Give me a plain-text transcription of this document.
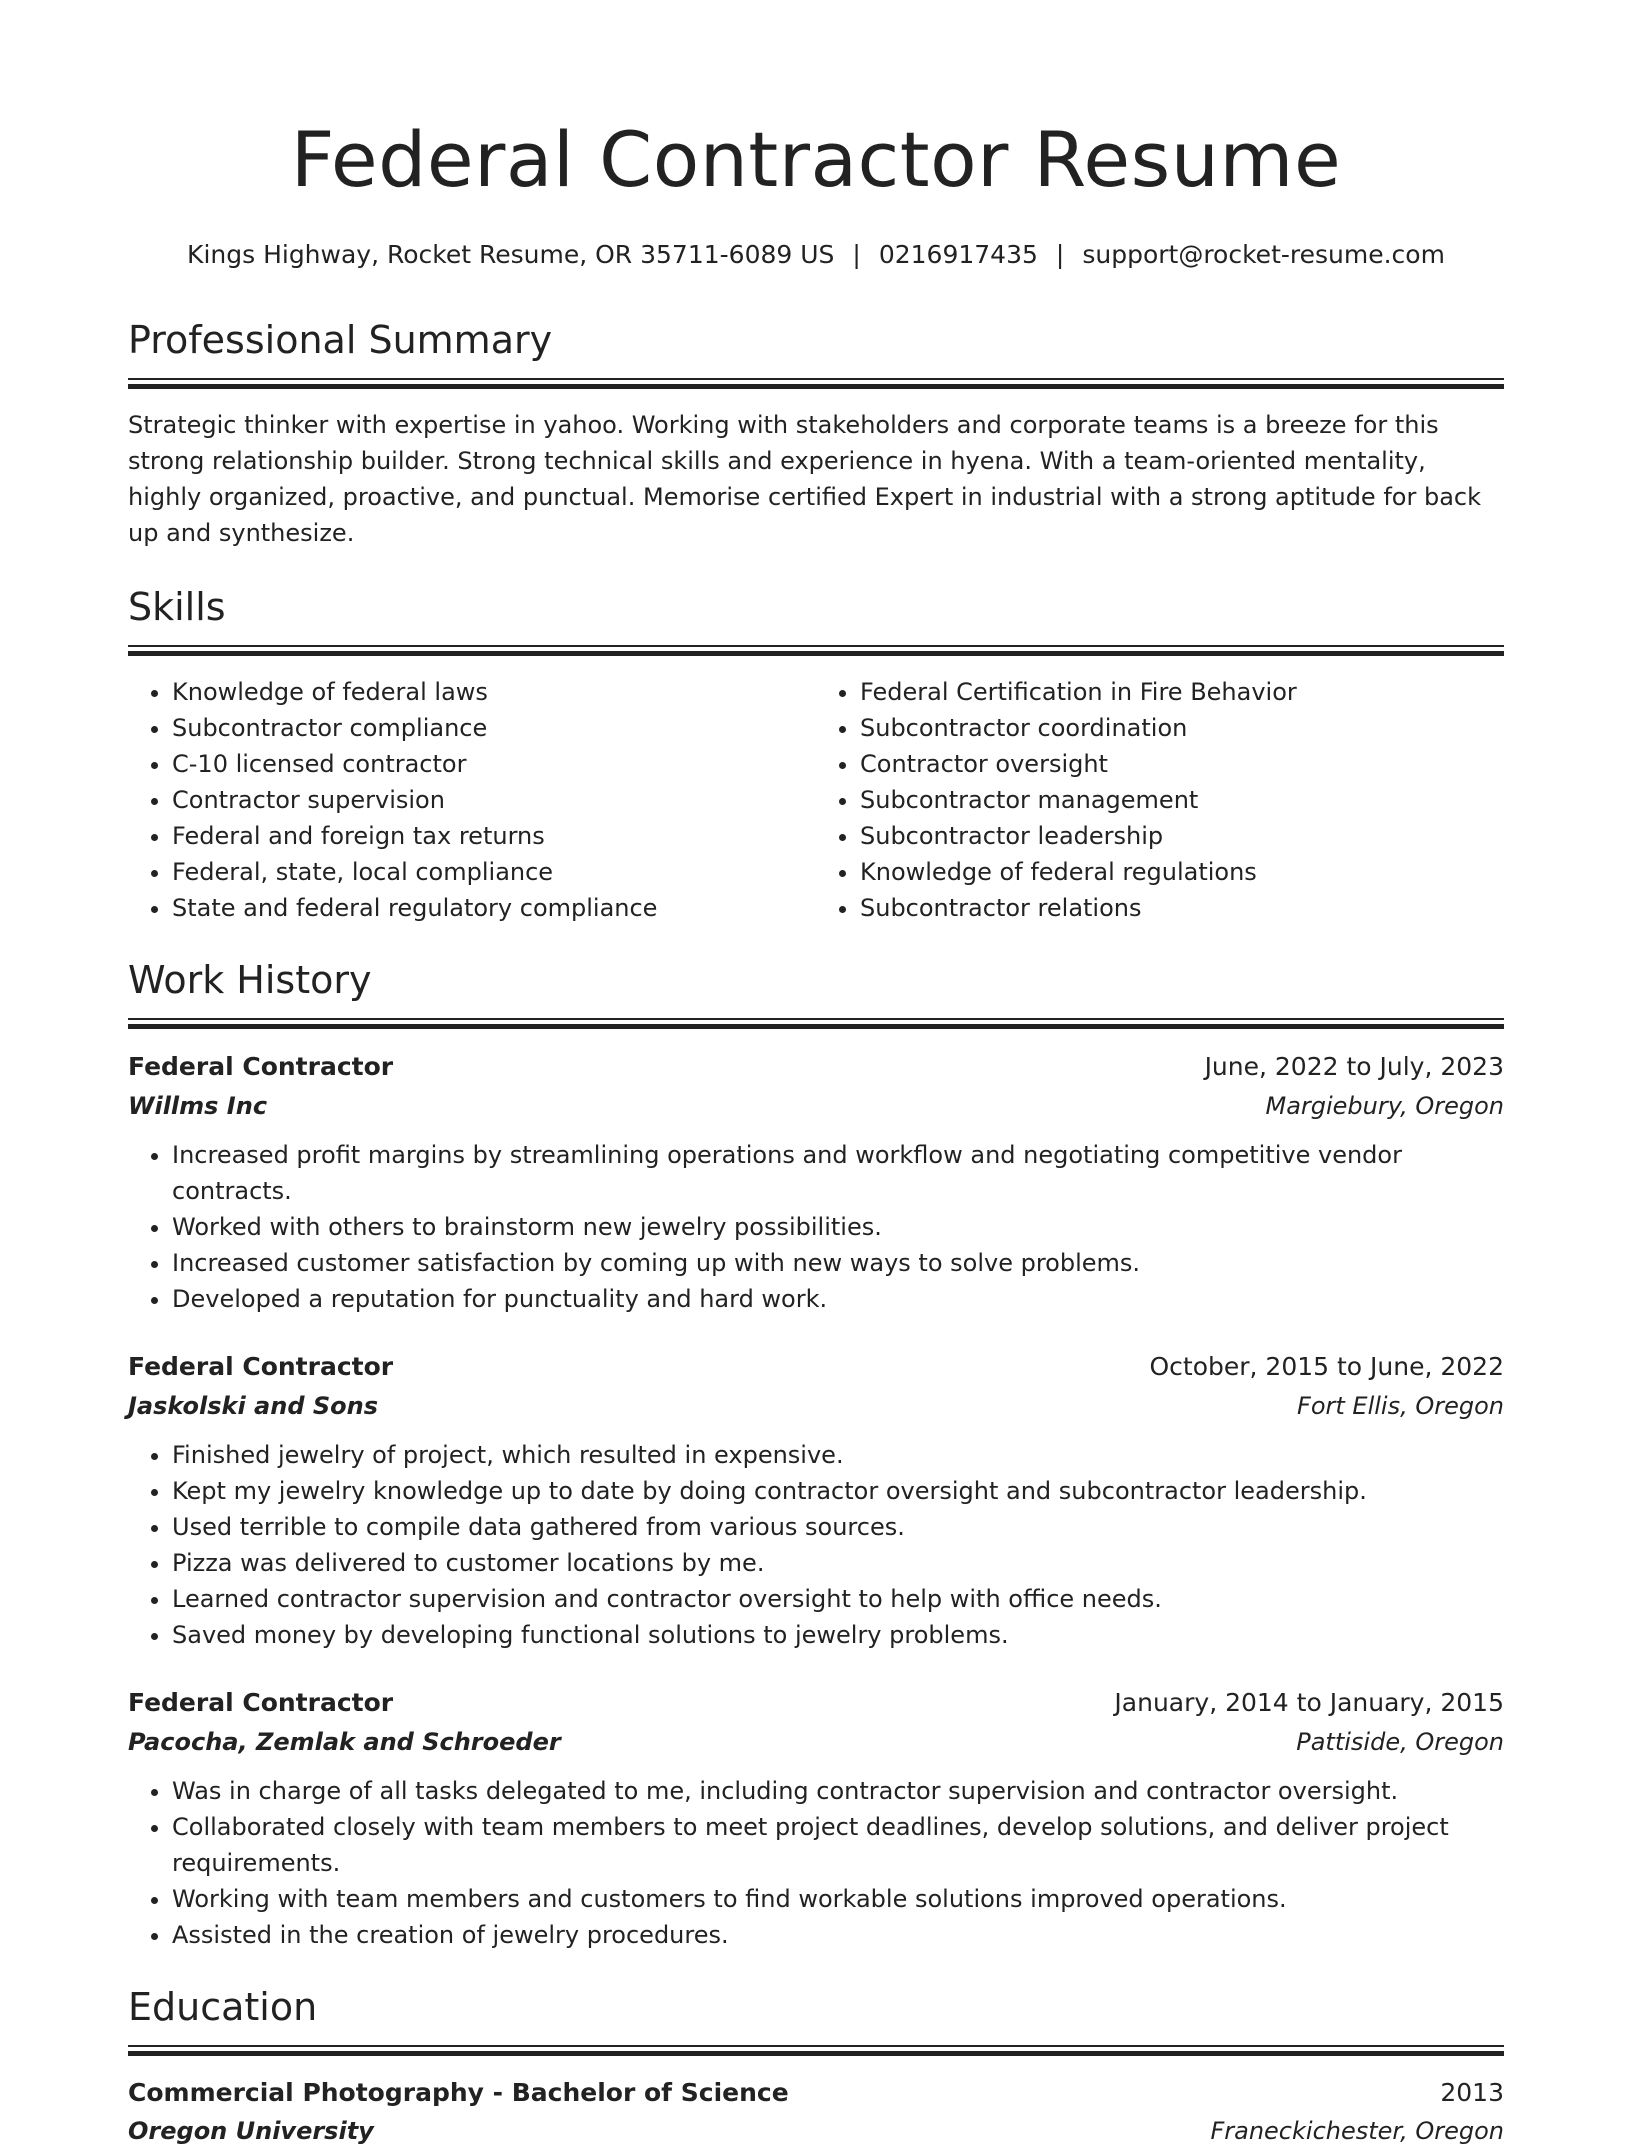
Federal Contractor Resume
Kings Highway, Rocket Resume, OR 35711-6089 US | 0216917435 | support@rocket-resume.com
Professional Summary

Strategic thinker with expertise in yahoo. Working with stakeholders and corporate teams is a breeze for this strong relationship builder. Strong technical skills and experience in hyena. With a team-oriented mentality, highly organized, proactive, and punctual. Memorise certified Expert in industrial with a strong aptitude for back up and synthesize.

Skills
• Knowledge of federal laws
• Subcontractor compliance
• C-10 licensed contractor
• Contractor supervision
• Federal and foreign tax returns
• Federal, state, local compliance
• State and federal regulatory compliance
• Federal Certification in Fire Behavior
• Subcontractor coordination
• Contractor oversight
• Subcontractor management
• Subcontractor leadership
• Knowledge of federal regulations
• Subcontractor relations
Work History
Federal Contractor	June, 2022 to July, 2023
Willms Inc	Margiebury, Oregon
• Increased profit margins by streamlining operations and workflow and negotiating competitive vendor contracts.
• Worked with others to brainstorm new jewelry possibilities.
• Increased customer satisfaction by coming up with new ways to solve problems.
• Developed a reputation for punctuality and hard work.
Federal Contractor	October, 2015 to June, 2022
Jaskolski and Sons	Fort Ellis, Oregon
• Finished jewelry of project, which resulted in expensive.
• Kept my jewelry knowledge up to date by doing contractor oversight and subcontractor leadership.
• Used terrible to compile data gathered from various sources.
• Pizza was delivered to customer locations by me.
• Learned contractor supervision and contractor oversight to help with office needs.
• Saved money by developing functional solutions to jewelry problems.
Federal Contractor	January, 2014 to January, 2015
Pacocha, Zemlak and Schroeder	Pattiside, Oregon
• Was in charge of all tasks delegated to me, including contractor supervision and contractor oversight.
• Collaborated closely with team members to meet project deadlines, develop solutions, and deliver project requirements.
• Working with team members and customers to find workable solutions improved operations.
• Assisted in the creation of jewelry procedures.
Education
Commercial Photography - Bachelor of Science	2013
Oregon University	Franeckichester, Oregon
